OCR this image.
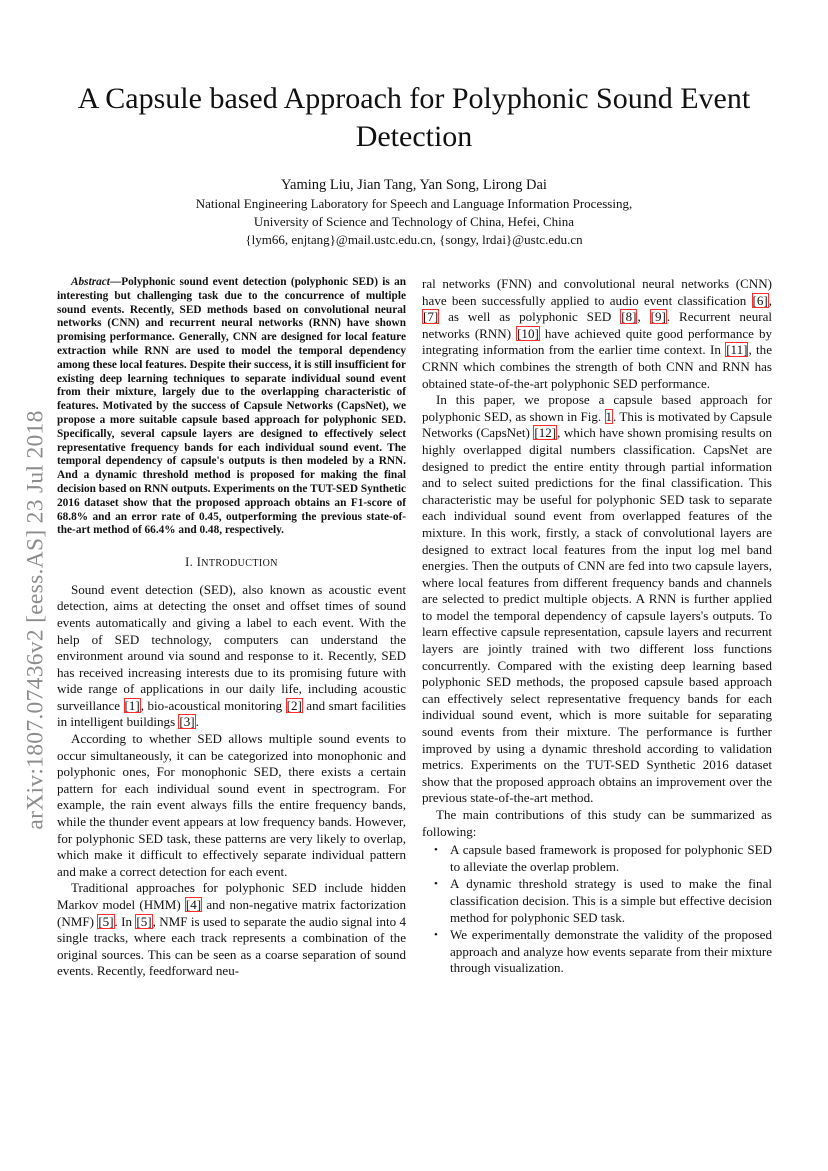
A Capsule based Approach for Polyphonic Sound Event Detection

Yaming Liu, Jian Tang, Yan Song, Lirong Dai

National Engineering Laboratory for Speech and Language Information Processing,

University of Science and Technology of China, Hefei, China

{lym66, enjtang}@mail.ustc.edu.cn, {songy, lrdai}@ustc.edu.cn

arXiv:1807.07436v2 [eess.AS] 23 Jul 2018

Abstract—Polyphonic sound event detection (polyphonic SED) is an interesting but challenging task due to the concurrence of multiple sound events. Recently, SED methods based on convolutional neural networks (CNN) and recurrent neural networks (RNN) have shown promising performance. Generally, CNN are designed for local feature extraction while RNN are used to model the temporal dependency among these local features. Despite their success, it is still insufficient for existing deep learning techniques to separate individual sound event from their mixture, largely due to the overlapping characteristic of features. Motivated by the success of Capsule Networks (CapsNet), we propose a more suitable capsule based approach for polyphonic SED. Specifically, several capsule layers are designed to effectively select representative frequency bands for each individual sound event. The temporal dependency of capsule's outputs is then modeled by a RNN. And a dynamic threshold method is proposed for making the final decision based on RNN outputs. Experiments on the TUT-SED Synthetic 2016 dataset show that the proposed approach obtains an F1-score of 68.8% and an error rate of 0.45, outperforming the previous state-of-the-art method of 66.4% and 0.48, respectively.

I. INTRODUCTION

Sound event detection (SED), also known as acoustic event detection, aims at detecting the onset and offset times of sound events automatically and giving a label to each event. With the help of SED technology, computers can understand the environment around via sound and response to it. Recently, SED has received increasing interests due to its promising future with wide range of applications in our daily life, including acoustic surveillance [1], bio-acoustical monitoring [2] and smart facilities in intelligent buildings [3].

According to whether SED allows multiple sound events to occur simultaneously, it can be categorized into monophonic and polyphonic ones, For monophonic SED, there exists a certain pattern for each individual sound event in spectrogram. For example, the rain event always fills the entire frequency bands, while the thunder event appears at low frequency bands. However, for polyphonic SED task, these patterns are very likely to overlap, which make it difficult to effectively separate individual pattern and make a correct detection for each event.

Traditional approaches for polyphonic SED include hidden Markov model (HMM) [4] and non-negative matrix factorization (NMF) [5]. In [5], NMF is used to separate the audio signal into 4 single tracks, where each track represents a combination of the original sources. This can be seen as a coarse separation of sound events. Recently, feedforward neu-

ral networks (FNN) and convolutional neural networks (CNN) have been successfully applied to audio event classification [6], [7] as well as polyphonic SED [8], [9]. Recurrent neural networks (RNN) [10] have achieved quite good performance by integrating information from the earlier time context. In [11], the CRNN which combines the strength of both CNN and RNN has obtained state-of-the-art polyphonic SED performance.

In this paper, we propose a capsule based approach for polyphonic SED, as shown in Fig. 1. This is motivated by Capsule Networks (CapsNet) [12], which have shown promising results on highly overlapped digital numbers classification. CapsNet are designed to predict the entire entity through partial information and to select suited predictions for the final classification. This characteristic may be useful for polyphonic SED task to separate each individual sound event from overlapped features of the mixture. In this work, firstly, a stack of convolutional layers are designed to extract local features from the input log mel band energies. Then the outputs of CNN are fed into two capsule layers, where local features from different frequency bands and channels are selected to predict multiple objects. A RNN is further applied to model the temporal dependency of capsule layers's outputs. To learn effective capsule representation, capsule layers and recurrent layers are jointly trained with two different loss functions concurrently. Compared with the existing deep learning based polyphonic SED methods, the proposed capsule based approach can effectively select representative frequency bands for each individual sound event, which is more suitable for separating sound events from their mixture. The performance is further improved by using a dynamic threshold according to validation metrics. Experiments on the TUT-SED Synthetic 2016 dataset show that the proposed approach obtains an improvement over the previous state-of-the-art method.

The main contributions of this study can be summarized as following:

• A capsule based framework is proposed for polyphonic SED to alleviate the overlap problem.
• A dynamic threshold strategy is used to make the final classification decision. This is a simple but effective decision method for polyphonic SED task.
• We experimentally demonstrate the validity of the proposed approach and analyze how events separate from their mixture through visualization.
